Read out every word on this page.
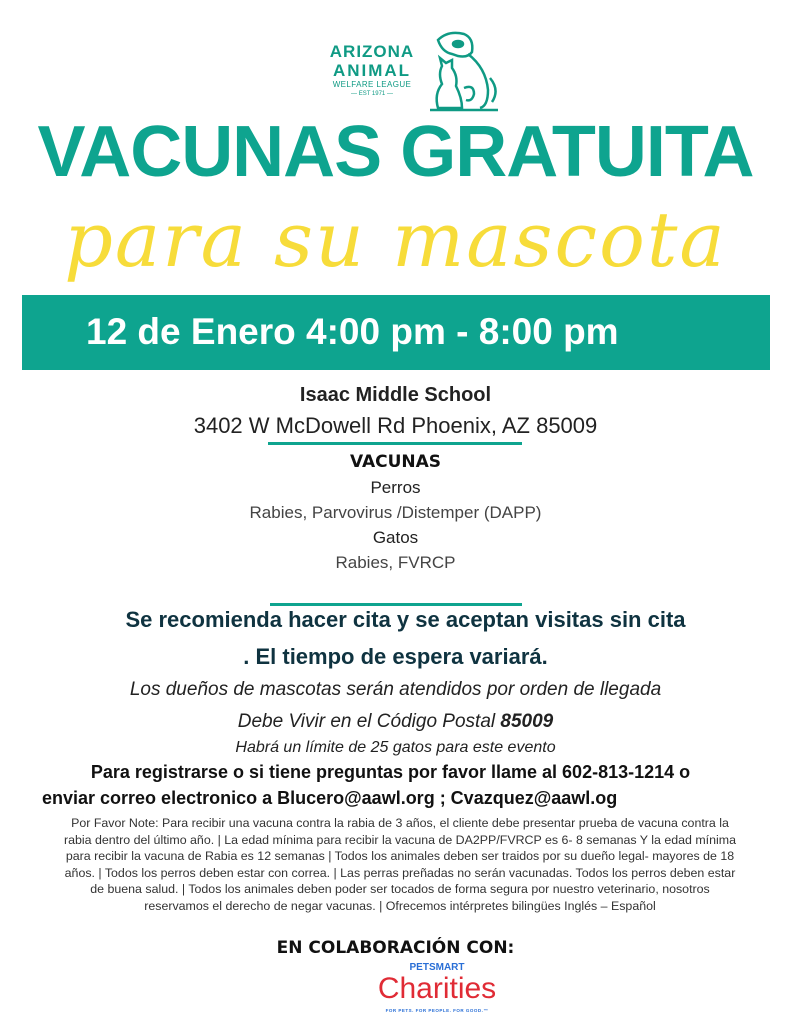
ARIZONA
ANIMAL
WELFARE LEAGUE
— EST 1971 —
VACUNAS GRATUITA
para su mascota
12 de Enero 4:00 pm - 8:00 pm
Isaac Middle School
3402 W McDowell Rd Phoenix, AZ 85009
VACUNAS
Perros
Rabies, Parvovirus /Distemper (DAPP)
Gatos
Rabies, FVRCP
Se recomienda hacer cita y se aceptan visitas sin cita
. El tiempo de espera variará.
Los dueños de mascotas serán atendidos por orden de llegada
Debe Vivir en el Código Postal 85009
Habrá un límite de 25 gatos para este evento
Para registrarse o si tiene preguntas por favor llame al 602-813-1214 o
enviar correo electronico a Blucero@aawl.org ; Cvazquez@aawl.og
Por Favor Note: Para recibir una vacuna contra la rabia de 3 años, el cliente debe presentar prueba de vacuna contra la rabia dentro del último año. | La edad mínima para recibir la vacuna de DA2PP/FVRCP es 6- 8 semanas Y la edad mínima para recibir la vacuna de Rabia es 12 semanas | Todos los animales deben ser traidos por su dueño legal- mayores de 18 años. | Todos los perros deben estar con correa. | Las perras preñadas no serán vacunadas. Todos los perros deben estar de buena salud. | Todos los animales deben poder ser tocados de forma segura por nuestro veterinario, nosotros reservamos el derecho de negar vacunas. | Ofrecemos intérpretes bilingües Inglés – Español
EN COLABORACIÓN CON:
PETSMART
Charities
FOR PETS. FOR PEOPLE. FOR GOOD.™
